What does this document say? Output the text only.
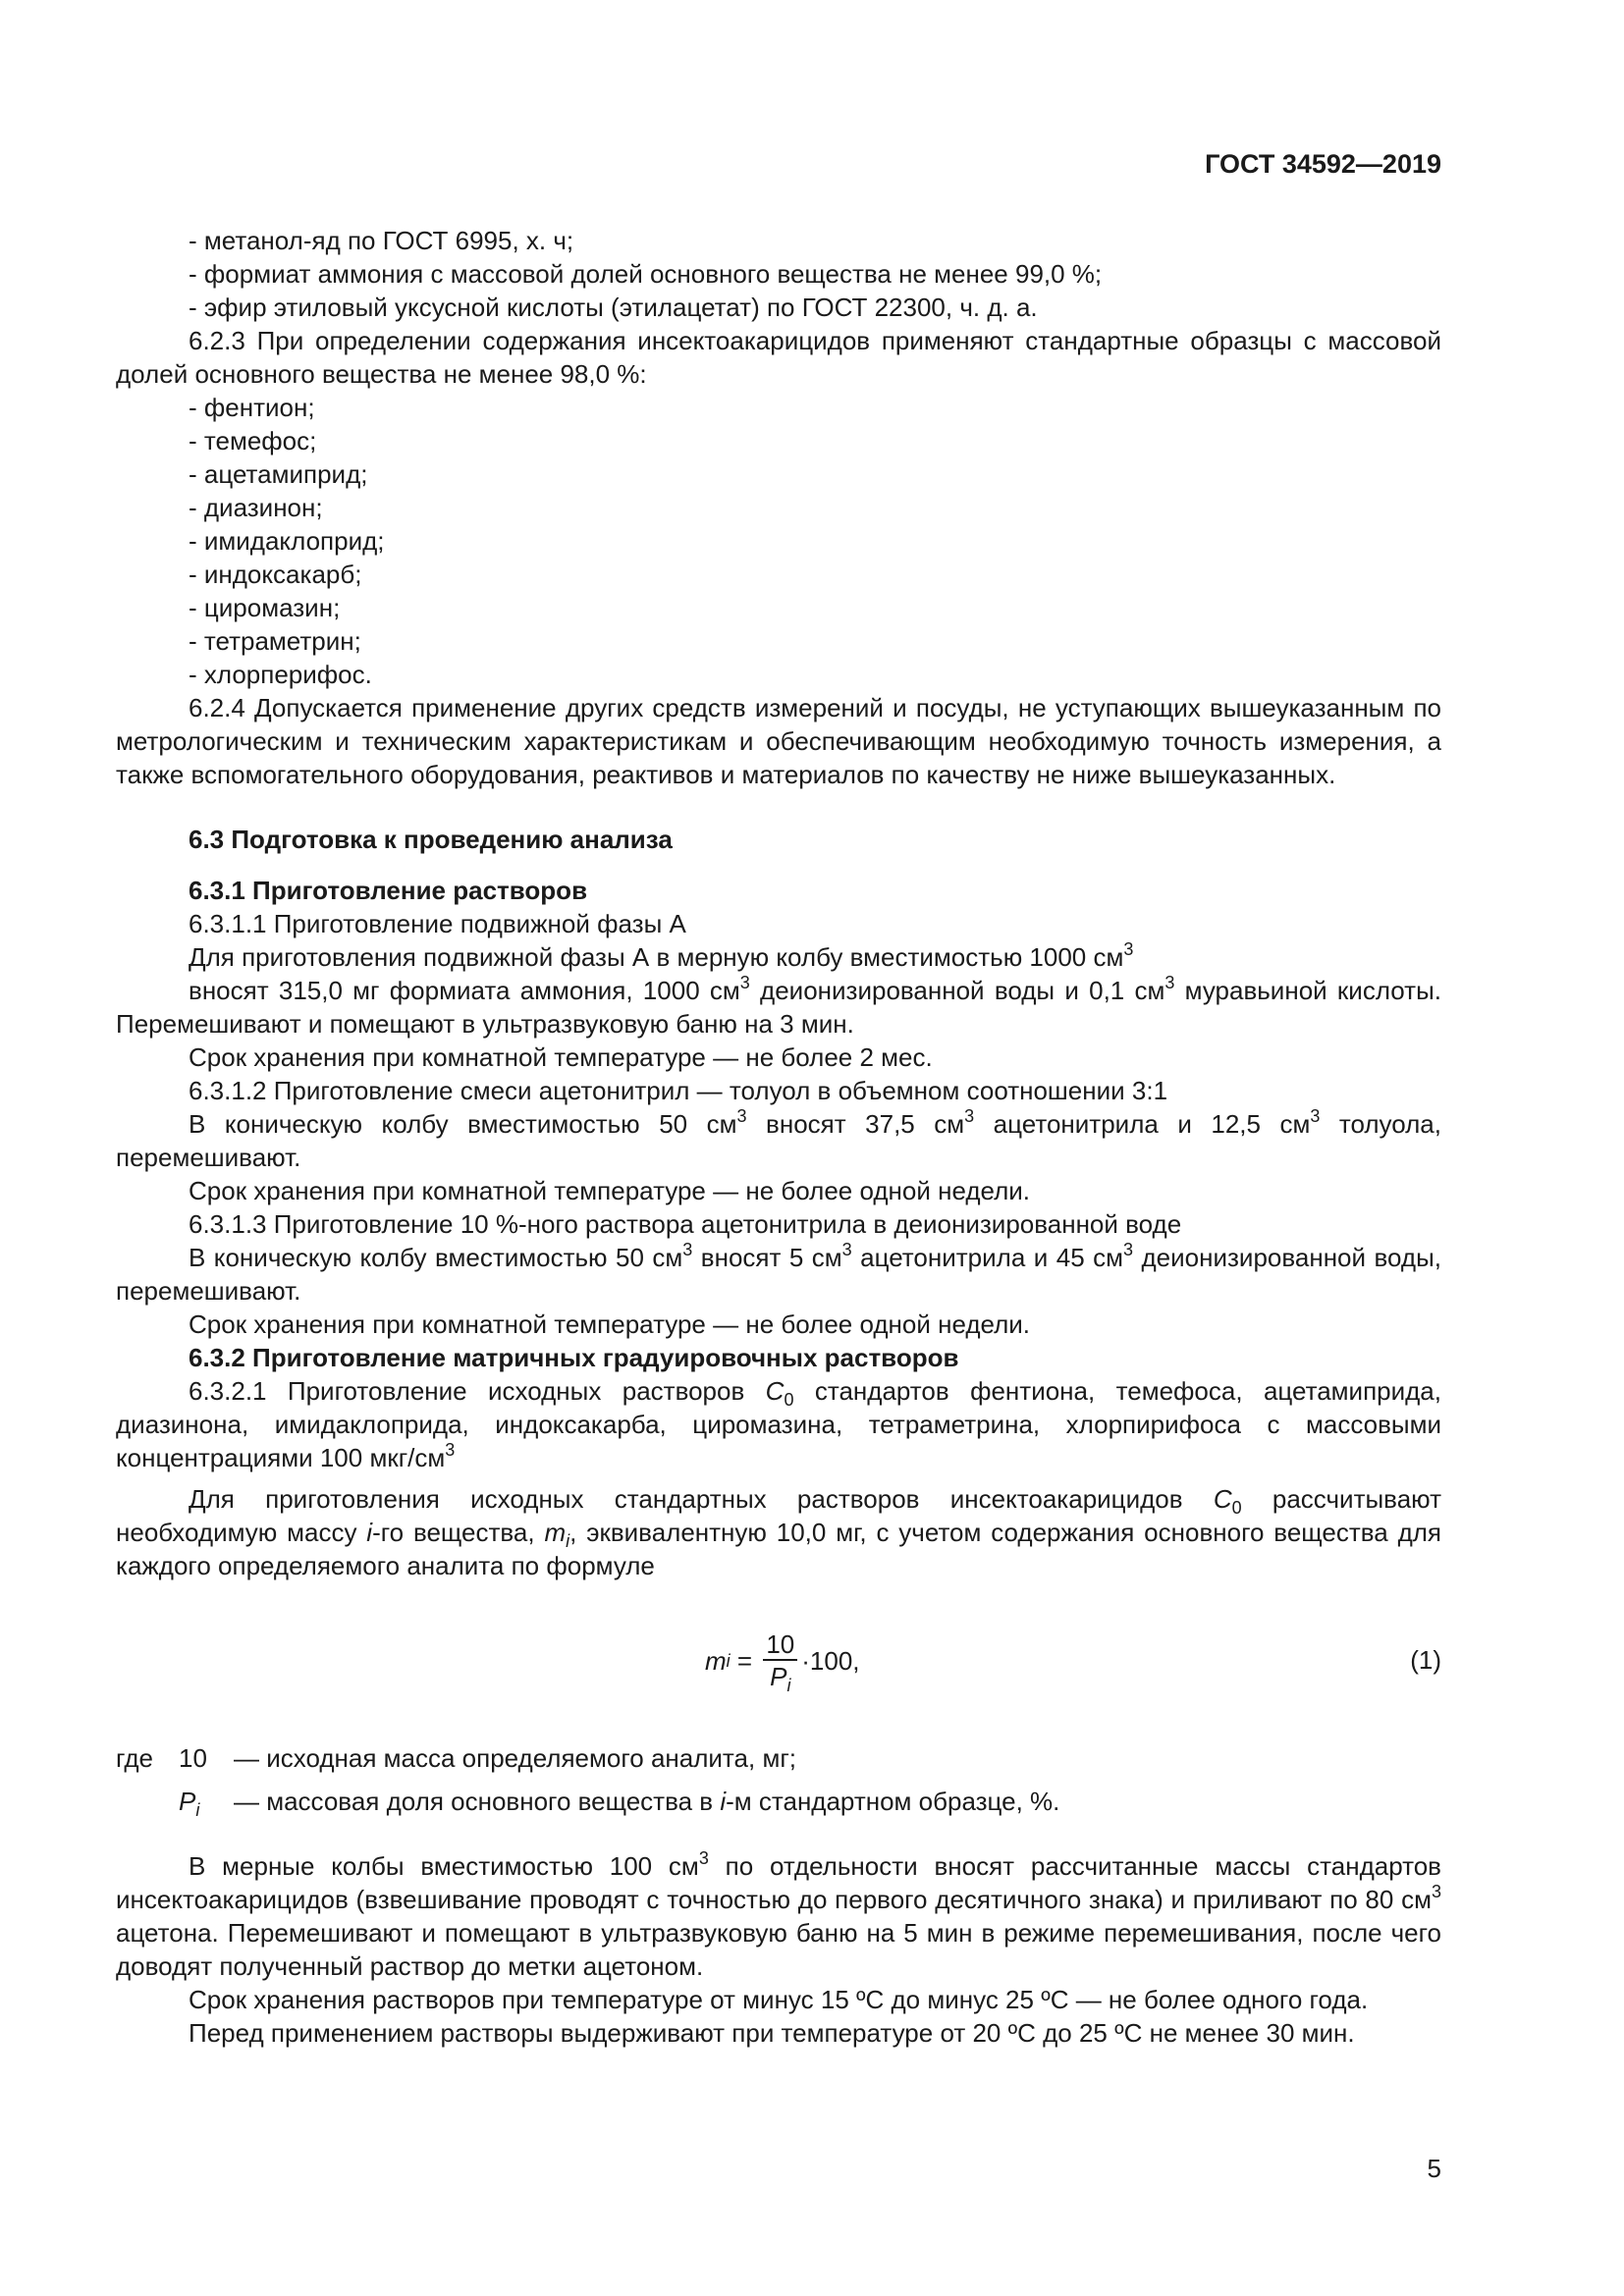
ГОСТ 34592—2019

- метанол-яд по ГОСТ 6995, х. ч;

- формиат аммония с массовой долей основного вещества не менее 99,0 %;

- эфир этиловый уксусной кислоты (этилацетат) по ГОСТ 22300, ч. д. а.

6.2.3 При определении содержания инсектоакарицидов применяют стандартные образцы с массовой долей основного вещества не менее 98,0 %:

- фентион;

- темефос;

- ацетамиприд;

- диазинон;

- имидаклоприд;

- индоксакарб;

- циромазин;

- тетраметрин;

- хлорперифос.

6.2.4 Допускается применение других средств измерений и посуды, не уступающих вышеуказанным по метрологическим и техническим характеристикам и обеспечивающим необходимую точность измерения, а также вспомогательного оборудования, реактивов и материалов по качеству не ниже вышеуказанных.

6.3 Подготовка к проведению анализа

6.3.1 Приготовление растворов

6.3.1.1 Приготовление подвижной фазы А

Для приготовления подвижной фазы А в мерную колбу вместимостью 1000 $см^3$

вносят 315,0 мг формиата аммония, 1000 $см^3$ деионизированной воды и 0,1 $см^3$ муравьиной кислоты. Перемешивают и помещают в ультразвуковую баню на 3 мин.

Срок хранения при комнатной температуре — не более 2 мес.

6.3.1.2 Приготовление смеси ацетонитрил — толуол в объемном соотношении 3:1

В коническую колбу вместимостью 50 $см^3$ вносят 37,5 $см^3$ ацетонитрила и 12,5 $см^3$ толуола, перемешивают.

Срок хранения при комнатной температуре — не более одной недели.

6.3.1.3 Приготовление 10 %-ного раствора ацетонитрила в деионизированной воде

В коническую колбу вместимостью 50 $см^3$ вносят 5 $см^3$ ацетонитрила и 45 $см^3$ деионизированной воды, перемешивают.

Срок хранения при комнатной температуре — не более одной недели.

6.3.2 Приготовление матричных градуировочных растворов

6.3.2.1 Приготовление исходных растворов $C_0$ стандартов фентиона, темефоса, ацетамиприда, диазинона, имидаклоприда, индоксакарба, циромазина, тетраметрина, хлорпирифоса с массовыми концентрациями 100 мкг/$см^3$

Для приготовления исходных стандартных растворов инсектоакарицидов $C_0$ рассчитывают необходимую массу i-го вещества, $m_i$, эквивалентную 10,0 мг, с учетом содержания основного вещества для каждого определяемого аналита по формуле

m $i = \frac{10}{P_i} \cdot 100$,	(1)
где	10	— исходная масса определяемого аналита, мг;
$P_i$	— массовая доля основного вещества в i-м стандартном образце, %.

В мерные колбы вместимостью 100 $см^3$ по отдельности вносят рассчитанные массы стандартов инсектоакарицидов (взвешивание проводят с точностью до первого десятичного знака) и приливают по 80 $см^3$ ацетона. Перемешивают и помещают в ультразвуковую баню на 5 мин в режиме перемешивания, после чего доводят полученный раствор до метки ацетоном.

Срок хранения растворов при температуре от минус 15 ºС до минус 25 ºС — не более одного года.

Перед применением растворы выдерживают при температуре от 20 ºС до 25 ºС не менее 30 мин.

5
